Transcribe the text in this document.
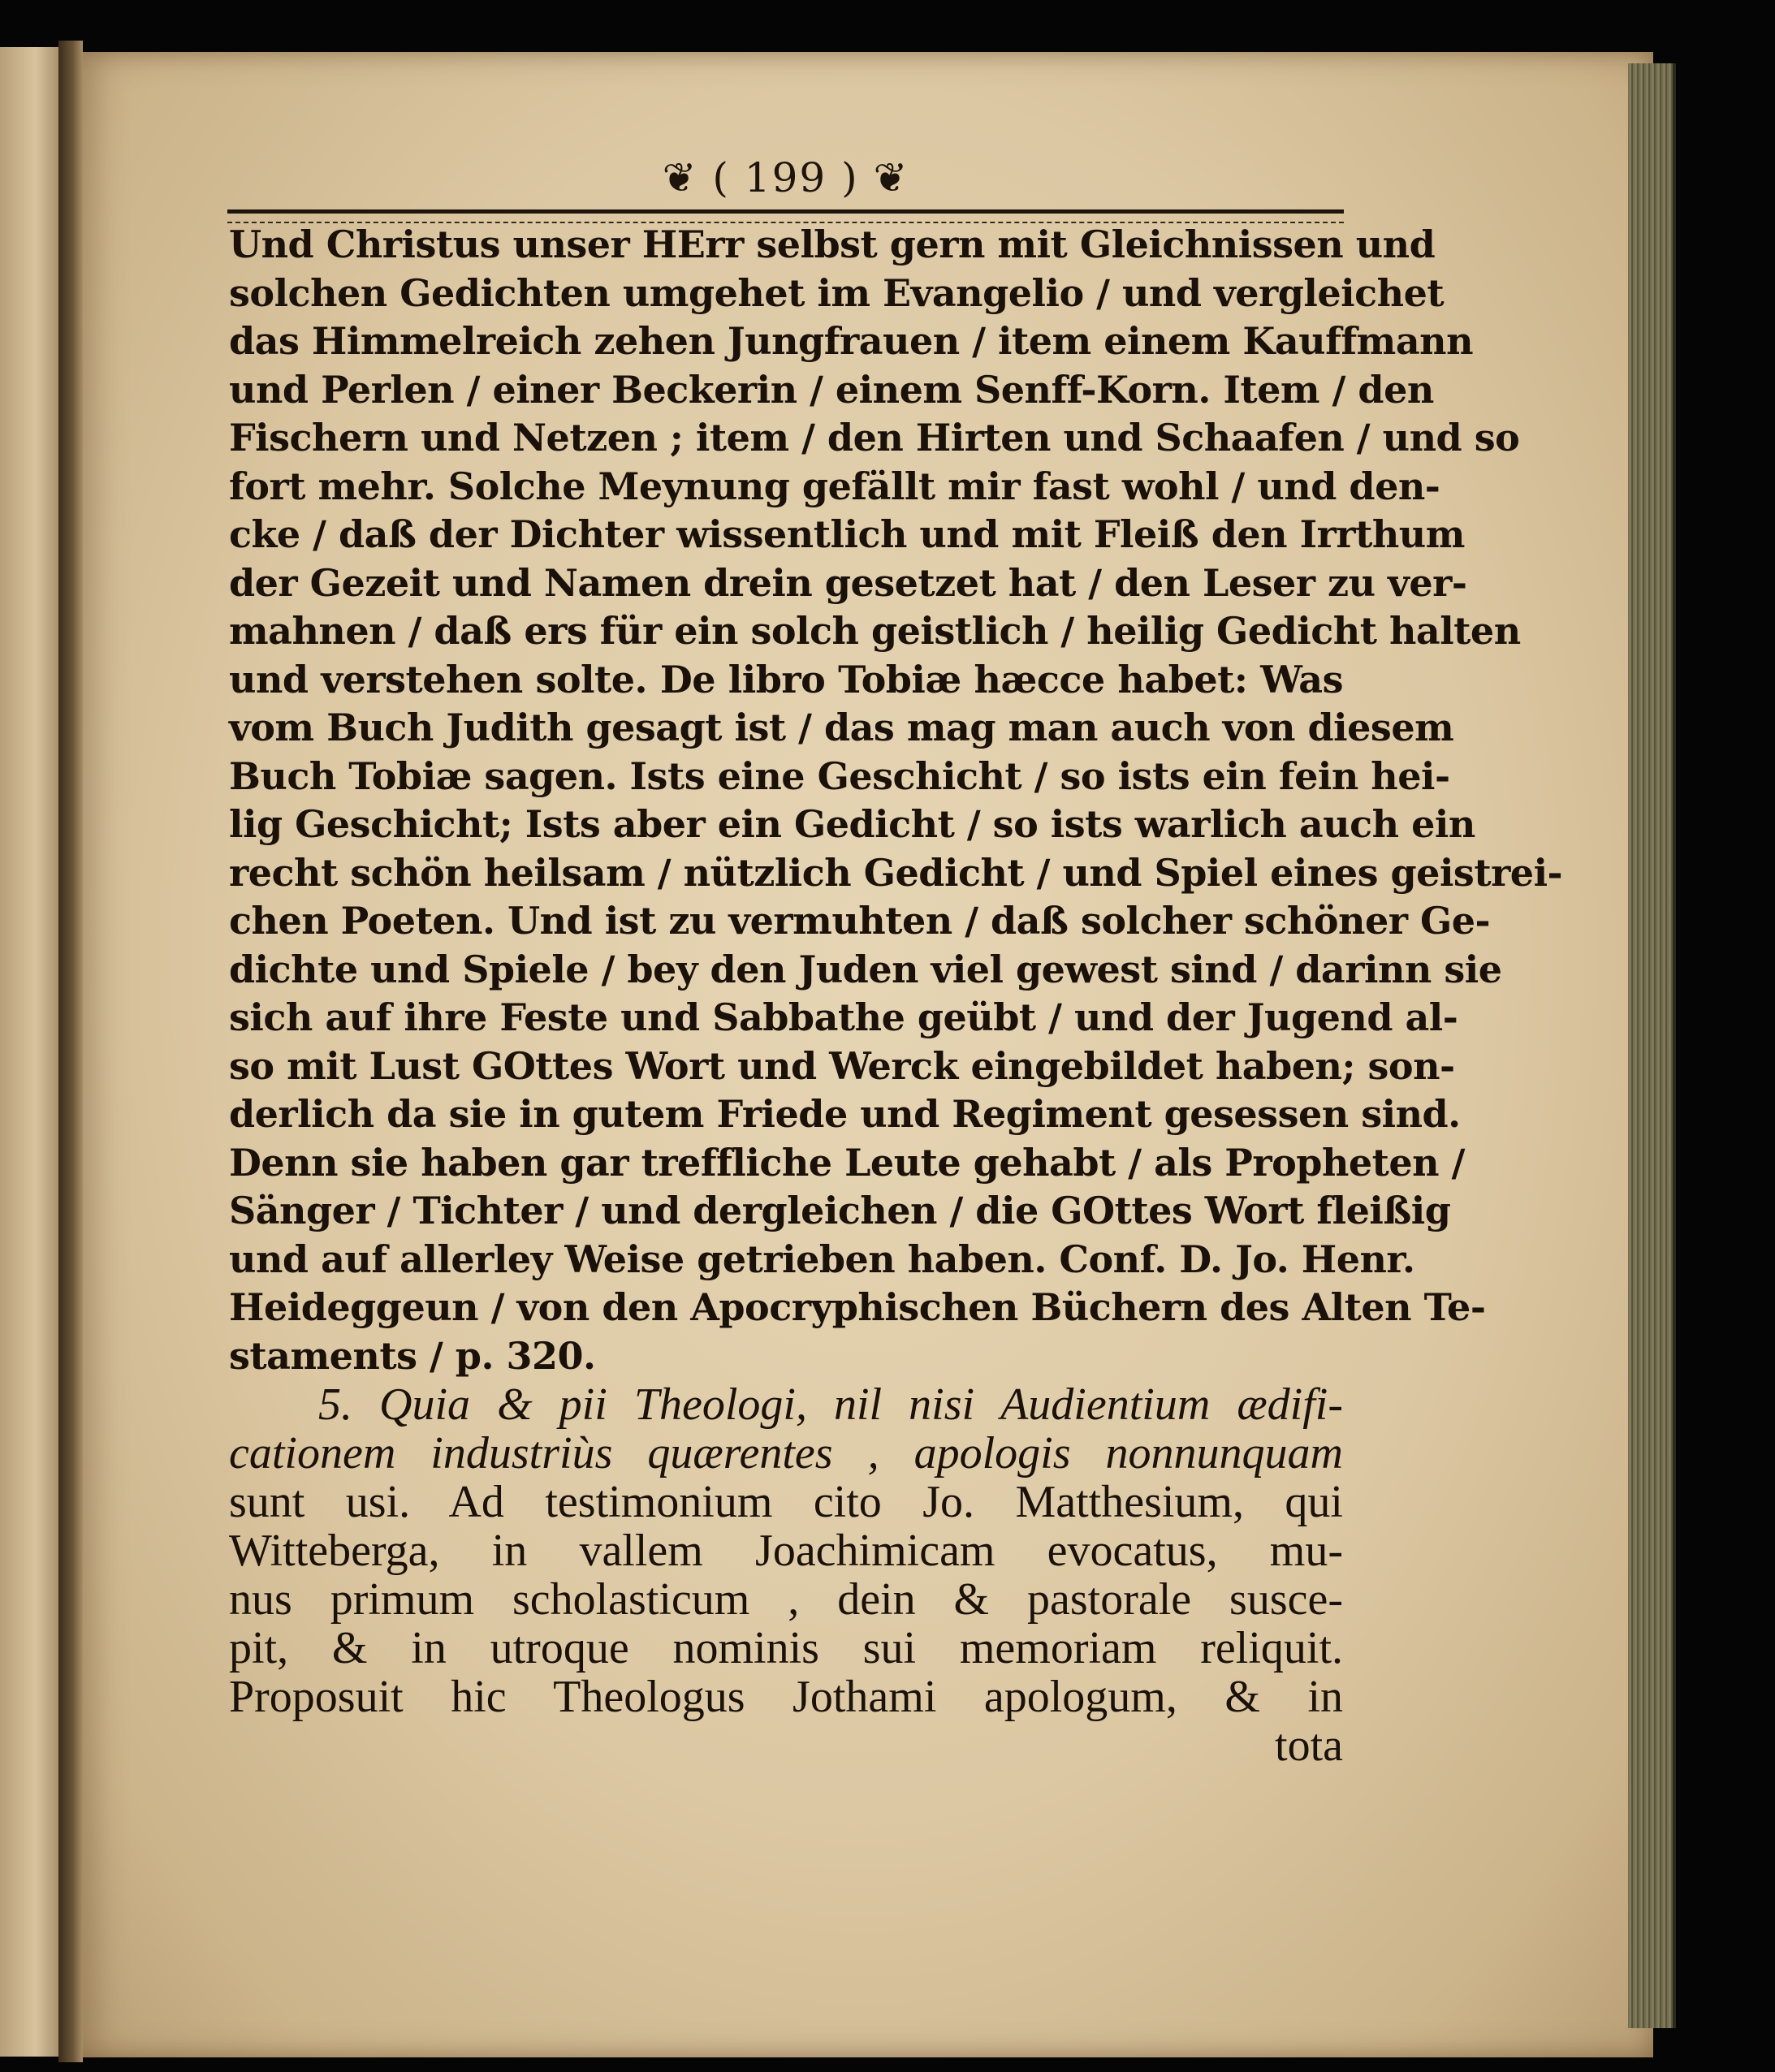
❦ ( 199 ) ❦
Und Christus unser HErr selbst gern mit Gleichnissen und
solchen Gedichten umgehet im Evangelio / und vergleichet
das Himmelreich zehen Jungfrauen / item einem Kauffmann
und Perlen / einer Beckerin / einem Senff-Korn. Item / den
Fischern und Netzen ; item / den Hirten und Schaafen / und so
fort mehr. Solche Meynung gefällt mir fast wohl / und den-
cke / daß der Dichter wissentlich und mit Fleiß den Irrthum
der Gezeit und Namen drein gesetzet hat / den Leser zu ver-
mahnen / daß ers für ein solch geistlich / heilig Gedicht halten
und verstehen solte. De libro Tobiæ hæcce habet: Was
vom Buch Judith gesagt ist / das mag man auch von diesem
Buch Tobiæ sagen. Ists eine Geschicht / so ists ein fein hei-
lig Geschicht; Ists aber ein Gedicht / so ists warlich auch ein
recht schön heilsam / nützlich Gedicht / und Spiel eines geistrei-
chen Poeten. Und ist zu vermuhten / daß solcher schöner Ge-
dichte und Spiele / bey den Juden viel gewest sind / darinn sie
sich auf ihre Feste und Sabbathe geübt / und der Jugend al-
so mit Lust GOttes Wort und Werck eingebildet haben; son-
derlich da sie in gutem Friede und Regiment gesessen sind.
Denn sie haben gar treffliche Leute gehabt / als Propheten /
Sänger / Tichter / und dergleichen / die GOttes Wort fleißig
und auf allerley Weise getrieben haben. Conf. D. Jo. Henr.
Heideggeun / von den Apocryphischen Büchern des Alten Te-
staments / p. 320.
5. Quia & pii Theologi, nil nisi Audientium ædifi-
cationem industriùs quærentes , apologis nonnunquam
sunt usi. Ad testimonium cito Jo. Matthesium, qui
Witteberga, in vallem Joachimicam evocatus, mu-
nus primum scholasticum , dein & pastorale susce-
pit, & in utroque nominis sui memoriam reliquit.
Proposuit hic Theologus Jothami apologum, & in
tota
